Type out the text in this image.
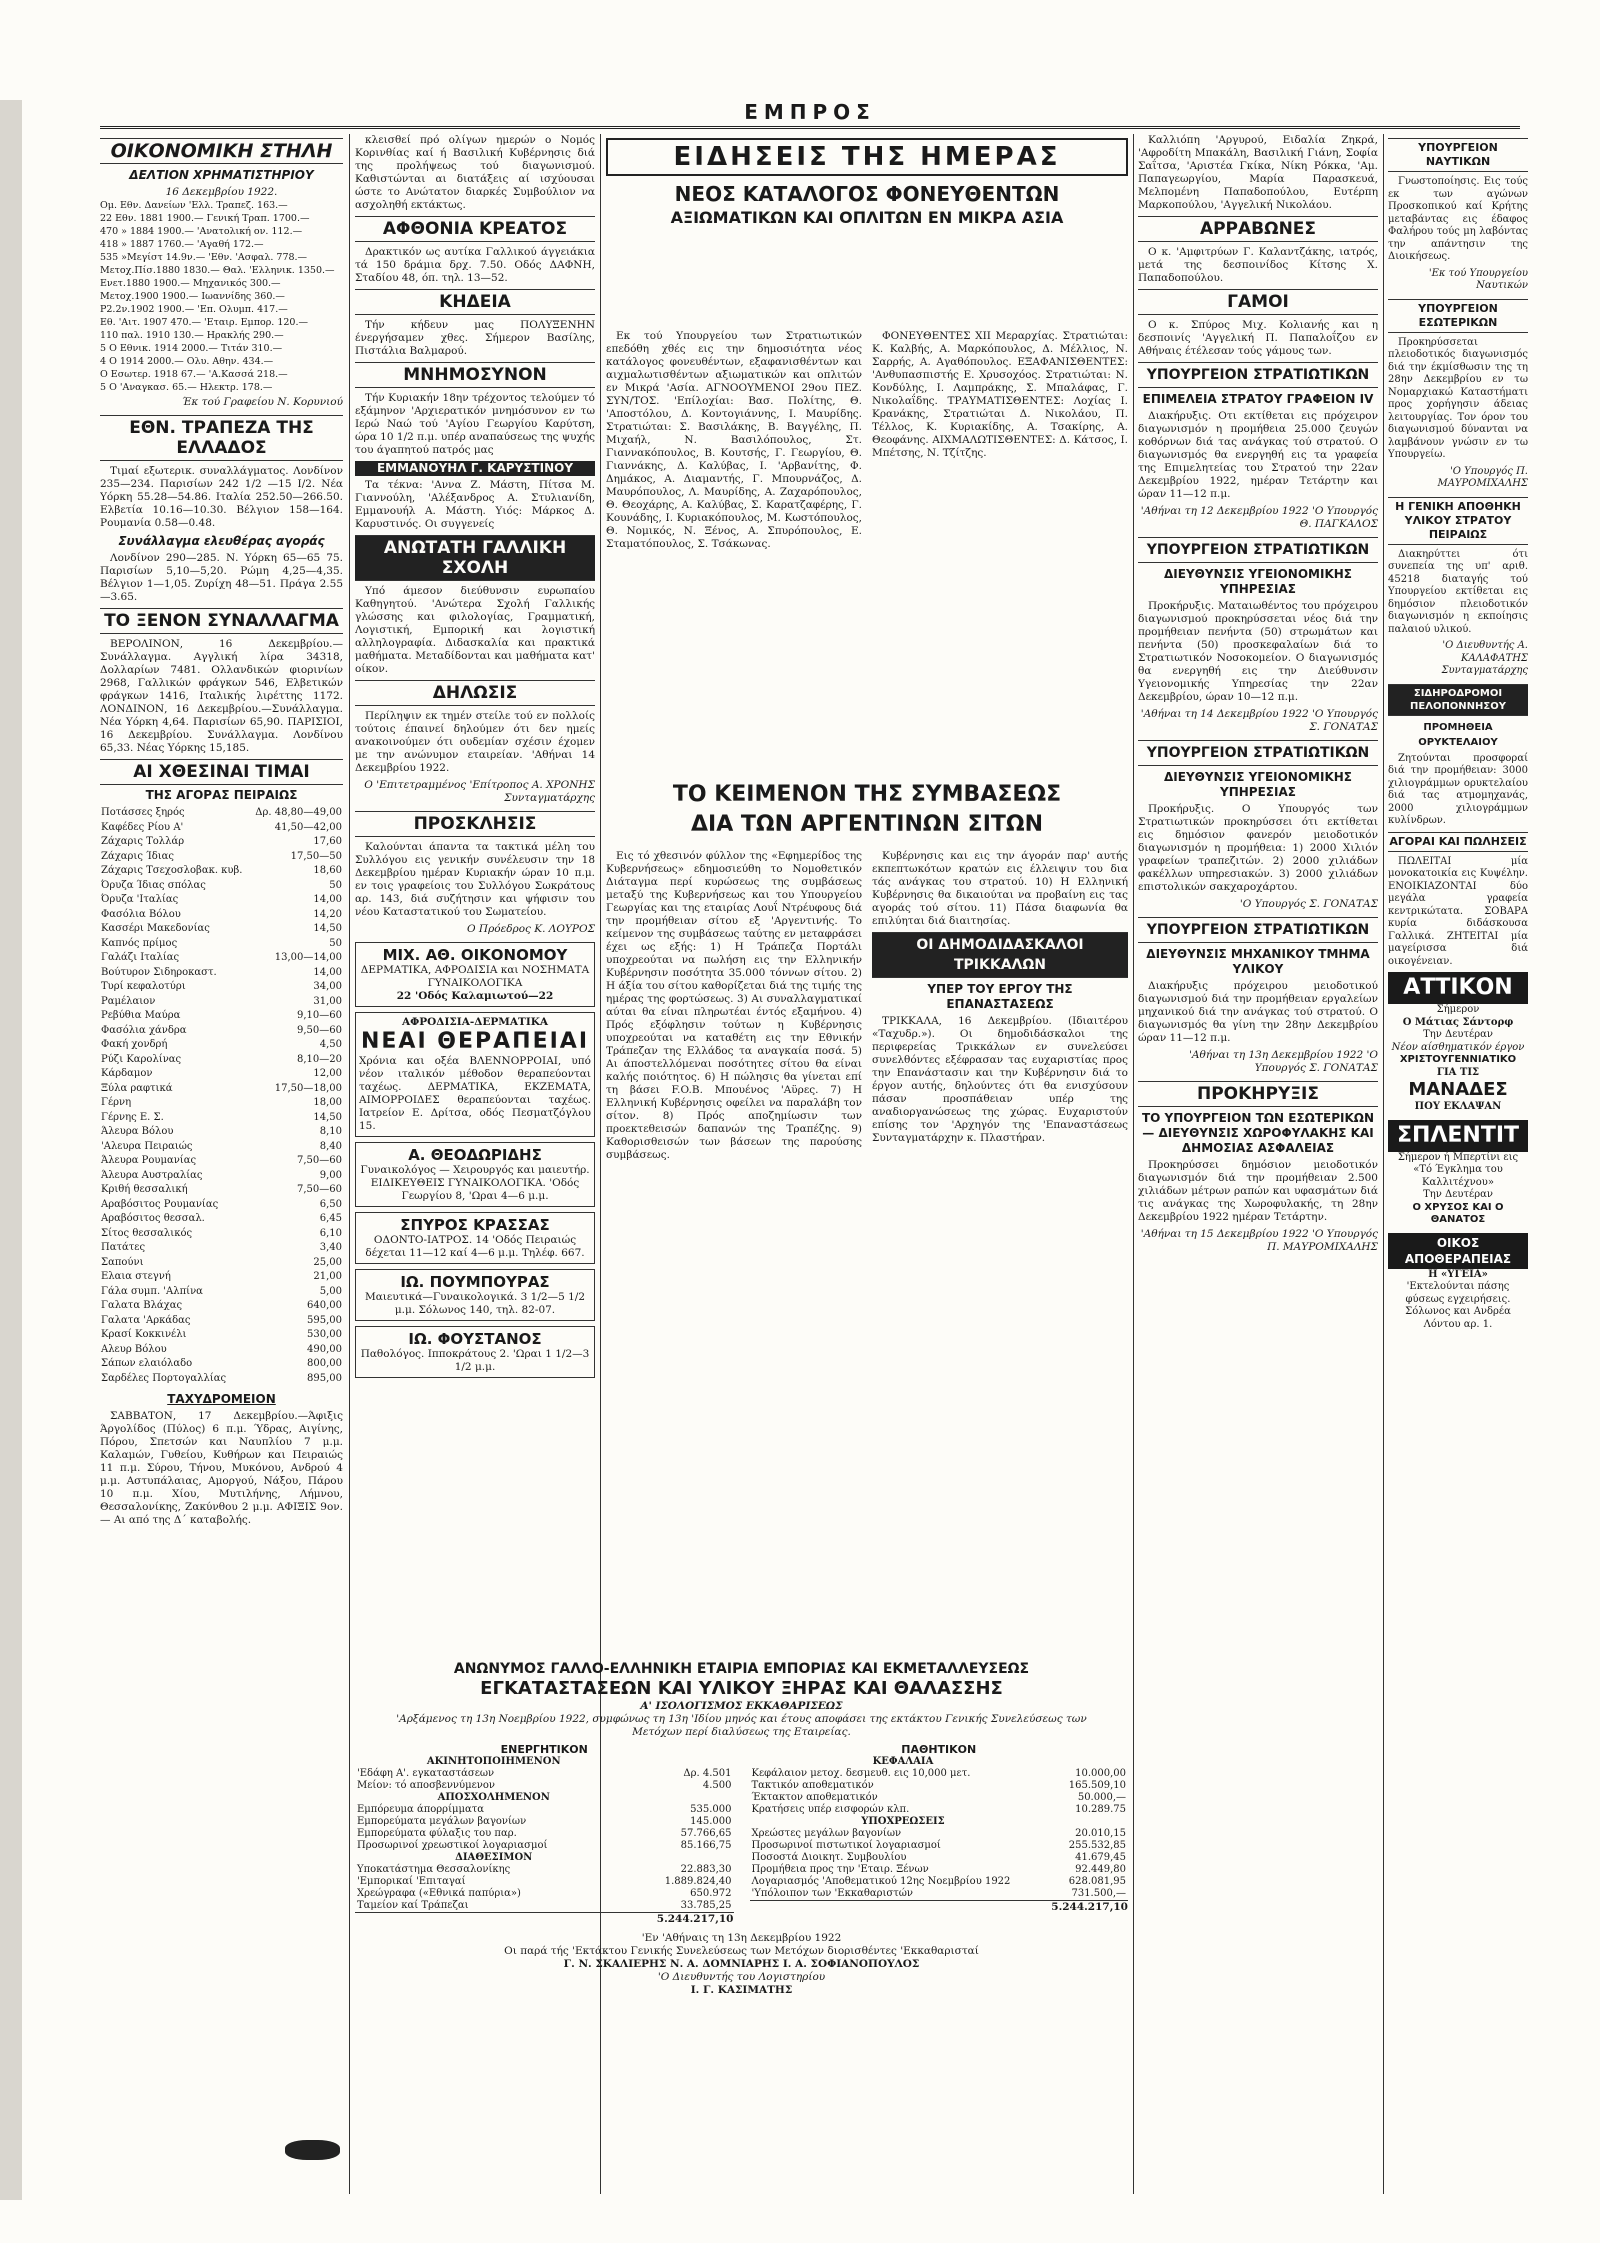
ΕΜΠΡΟΣ
ΟΙΚΟΝΟΜΙΚΗ ΣΤΗΛΗ
ΔΕΛΤΙΟΝ ΧΡΗΜΑΤΙΣΤΗΡΙΟΥ
16 Δεκεμβρίου 1922.
Ομ. Εθν. Δανείων 'Ελλ. Τραπεζ. 163.—
22 Εθν. 1881 1900.— Γενική Τραπ. 1700.—
470 » 1884 1900.— 'Ανατολική ον. 112.—
418 » 1887 1760.— 'Αγαθή 172.—
535 »Μεγίστ 14.9ν.— 'Εθν. 'Ασφαλ. 778.—
Μετοχ.Πίσ.1880 1830.— Θαλ. 'Ελληνικ. 1350.—
Ενετ.1880 1900.— Μηχανικός 300.—
Μετοχ.1900 1900.— Ιωαννίδης 360.—
Ρ2.2ν.1902 1900.— 'Επ. Ολυμπ. 417.—
Εθ. 'Αιτ. 1907 470.— 'Εταιρ. Εμπορ. 120.—
110 παλ. 1910 130.— Ηρακλής 290.—
5 Ο Εθνικ. 1914 2000.— Τιτάν 310.—
4 Ο 1914 2000.— Ολυ. Αθην. 434.—
Ο Εσωτερ. 1918 67.— 'Α.Κασσά 218.—
5 Ο 'Αναγκασ. 65.— Ηλεκτρ. 178.—
Έκ τού Γραφείου Ν. Κορυνιού
ΕΘΝ. ΤΡΑΠΕΖΑ ΤΗΣ ΕΛΛΑΔΟΣ

Τιμαί εξωτερικ. συναλλάγματος. Λονδίνον 235—234. Παρισίων 242 1/2 —15 Ι/2. Νέα Υόρκη 55.28—54.86. Ιταλία 252.50—266.50. Ελβετία 10.16—10.30. Βέλγιον 158—164. Ρουμανία 0.58—0.48.

Συνάλλαγμα ελευθέρας αγοράς

Λονδίνον 290—285. Ν. Υόρκη 65—65 75. Παρισίων 5,10—5,20. Ρώμη 4,25—4,35. Βέλγιον 1—1,05. Ζυρίχη 48—51. Πράγα 2.55—3.65.

ΤΟ ΞΕΝΟΝ ΣΥΝΑΛΛΑΓΜΑ

ΒΕΡΟΛΙΝΟΝ, 16 Δεκεμβρίου.—Συνάλλαγμα. Αγγλική λίρα 34318, Δολλαρίων 7481. Ολλανδικών φιορινίων 2968, Γαλλικών φράγκων 546, Ελβετικών φράγκων 1416, Ιταλικής λιρέττης 1172. ΛΟΝΔΙΝΟΝ, 16 Δεκεμβρίου.—Συνάλλαγμα. Νέα Υόρκη 4,64. Παρισίων 65,90. ΠΑΡΙΣΙΟΙ, 16 Δεκεμβρίου. Συνάλλαγμα. Λονδίνου 65,33. Νέας Υόρκης 15,185.

ΑΙ ΧΘΕΣΙΝΑΙ ΤΙΜΑΙ
ΤΗΣ ΑΓΟΡΑΣ ΠΕΙΡΑΙΩΣ
Ποτάσσες ξηρός	Δρ. 48,80—49,00
Καφέδες Ρίου Α'	41,50—42,00
Ζάχαρις Τολλάρ	17,60
Ζάχαρις Ίδιας	17,50—50
Ζάχαρις Τσεχοσλοβακ. κυβ.	18,60
Όρυζα Ίδιας σπόλας	50
Όρυζα 'Ιταλίας	14,00
Φασόλια Βόλου	14,20
Κασσέρι Μακεδονίας	14,50
Καπνός πρίμος	50
Γαλάζι Ιταλίας	13,00—14,00
Βούτυρον Σιδηροκαστ.	14,00
Τυρί κεφαλοτύρι	34,00
Ραμέλαιον	31,00
Ρεβύθια Μαύρα	9,10—60
Φασόλια χάνδρα	9,50—60
Φακή χονδρή	4,50
Ρύζι Καρολίνας	8,10—20
Κάρδαμον	12,00
Ξύλα ραφτικά	17,50—18,00
Γέρνη	18,00
Γέρνης Ε. Σ.	14,50
Άλευρα Βόλου	8,10
'Αλευρα Πειραιώς	8,40
Άλευρα Ρουμανίας	7,50—60
Άλευρα Αυστραλίας	9,00
Κριθή θεσσαλική	7,50—60
Αραβόσιτος Ρουμανίας	6,50
Αραβόσιτος θεσσαλ.	6,45
Σίτος θεσσαλικός	6,10
Πατάτες	3,40
Σαπούνι	25,00
Ελαια στεγνή	21,00
Γάλα συμπ. 'Αλπίνα	5,00
Γαλατα Βλάχας	640,00
Γαλατα 'Αρκάδας	595,00
Κρασί Κοκκινέλι	530,00
Αλευρ Βόλου	490,00
Σάπων ελαιόλαδο	800,00
Σαρδέλες Πορτογαλλίας	895,00
ΤΑΧΥΔΡΟΜΕΙΟΝ

ΣΑΒΒΑΤΟΝ, 17 Δεκεμβρίου.—Άφιξις Άργολίδος (Πύλος) 6 π.μ. Ύδρας, Αιγίνης, Πόρου, Σπετσών και Ναυπλίου 7 μ.μ. Καλαμών, Γυθείου, Κυθήρων και Πειραιώς 11 π.μ. Σύρου, Τήνου, Μυκόνου, Ανδρού 4 μ.μ. Αστυπάλαιας, Αμοργού, Νάξου, Πάρου 10 π.μ. Χίου, Μυτιλήνης, Λήμνου, Θεσσαλονίκης, Ζακύνθου 2 μ.μ. ΑΦΙΞΙΣ 9ον.— Αι από της Δ΄ καταβολής.

κλεισθεί πρό ολίγων ημερών ο Νομός Κορινθίας καί ή Βασιλική Κυβέρνησις διά της προλήψεως τού διαγωνισμού. Καθιστώνται αι διατάξεις αί ισχύουσαι ώστε το Ανώτατον διαρκές Συμβούλιον να ασχοληθή εκτάκτως.

ΑΦΘΟΝΙΑ ΚΡΕΑΤΟΣ

Δρακτικόν ως αυτίκα Γαλλικού άγγειάκια τά 150 δράμια δρχ. 7.50. Οδός ΔΑΦΝΗ, Σταδίου 48, όπ. τηλ. 13—52.

ΚΗΔΕΙΑ

Τήν κήδευν μας ΠΟΛΥΞΕΝΗΝ ένεργήσαμεν χθες. Σήμερον Βασίλης, Πιστάλια Βαλμαρού.

ΜΝΗΜΟΣΥΝΟΝ

Τήν Κυριακήν 18ην τρέχοντος τελούμεν τό εξάμηνον 'Αρχιερατικόν μνημόσυνον εν τω Ιερώ Ναώ τού 'Αγίου Γεωργίου Καρύτση, ώρα 10 1/2 π.μ. υπέρ αναπαύσεως της ψυχής του άγαπητού πατρός μας

ΕΜΜΑΝΟΥΗΛ Γ. ΚΑΡΥΣΤΙΝΟΥ

Τα τέκνα: 'Αννα Ζ. Μάστη, Πίτσα Μ. Γιαννούλη, 'Αλέξανδρος Α. Στυλιανίδη, Εμμανουήλ Α. Μάστη. Υιός: Μάρκος Δ. Καρυστινός. Οι συγγενείς

ΑΝΩΤΑΤΗ ΓΑΛΛΙΚΗ ΣΧΟΛΗ

Υπό άμεσον διεύθυνσιν ευρωπαίου Καθηγητού. 'Ανώτερα Σχολή Γαλλικής γλώσσης και φιλολογίας, Γραμματική, Λογιστική, Εμπορική και λογιστική αλληλογραφία. Διδασκαλία και πρακτικά μαθήματα. Μεταδίδονται και μαθήματα κατ' οίκον.

ΔΗΛΩΣΙΣ

Περίληψιν εκ τημέν στείλε τού εν πολλοίς τούτοις έπαινεί δηλούμεν ότι δεν ημείς ανακοινούμεν ότι ουδεμίαν σχέσιν έχομεν με την ανώνυμον εταιρείαν. 'Αθήναι 14 Δεκεμβρίου 1922.

Ο 'Επιτετραμμένος 'Επίτροπος Α. ΧΡΟΝΗΣ Συνταγματάρχης
ΠΡΟΣΚΛΗΣΙΣ

Καλούνται άπαντα τα τακτικά μέλη του Συλλόγου εις γενικήν συνέλευσιν την 18 Δεκεμβρίου ημέραν Κυριακήν ώραν 10 π.μ. εν τοις γραφείοις του Συλλόγου Σωκράτους αρ. 143, διά συζήτησιν και ψήφισιν του νέου Καταστατικού του Σωματείου.

Ο Πρόεδρος Κ. ΛΟΥΡΟΣ
ΜΙΧ. ΑΘ. ΟΙΚΟΝΟΜΟΥ
ΔΕΡΜΑΤΙΚΑ, ΑΦΡΟΔΙΣΙΑ και ΝΟΣΗΜΑΤΑ ΓΥΝΑΙΚΟΛΟΓΙΚΑ
22 'Οδός Καλαμιωτού—22
ΑΦΡΟΔΙΣΙΑ-ΔΕΡΜΑΤΙΚΑ
ΝΕΑΙ ΘΕΡΑΠΕΙΑΙ
Χρόνια και οξέα ΒΛΕΝΝΟΡΡΟΙΑΙ, υπό νέον ιταλικόν μέθοδον θεραπεύονται ταχέως. ΔΕΡΜΑΤΙΚΑ, ΕΚΖΕΜΑΤΑ, ΑΙΜΟΡΡΟΙΔΕΣ θεραπεύονται ταχέως. Ιατρείον Ε. Δρίτσα, οδός Πεσματζόγλου 15.
Α. ΘΕΟΔΩΡΙΔΗΣ
Γυναικολόγος — Χειρουργός και μαιευτήρ. ΕΙΔΙΚΕΥΘΕΙΣ ΓΥΝΑΙΚΟΛΟΓΙΚΑ. 'Οδός Γεωργίου 8, 'Ωραι 4—6 μ.μ.
ΣΠΥΡΟΣ ΚΡΑΣΣΑΣ
ΟΔΟΝΤΟ-ΙΑΤΡΟΣ. 14 'Οδός Πειραιώς δέχεται 11—12 καί 4—6 μ.μ. Τηλέφ. 667.
ΙΩ. ΠΟΥΜΠΟΥΡΑΣ
Μαιευτικά—Γυναικολογικά. 3 1/2—5 1/2 μ.μ. Σόλωνος 140, τηλ. 82-07.
ΙΩ. ΦΟΥΣΤΑΝΟΣ
Παθολόγος. Ιπποκράτους 2. 'Ωραι 1 1/2—3 1/2 μ.μ.
ΕΙΔΗΣΕΙΣ ΤΗΣ ΗΜΕΡΑΣ
ΝΕΟΣ ΚΑΤΑΛΟΓΟΣ ΦΟΝΕΥΘΕΝΤΩΝ
ΑΞΙΩΜΑΤΙΚΩΝ ΚΑΙ ΟΠΛΙΤΩΝ ΕΝ ΜΙΚΡΑ ΑΣΙΑ

Εκ τού Υπουργείου των Στρατιωτικών επεδόθη χθές εις την δημοσιότητα νέος κατάλογος φονευθέντων, εξαφανισθέντων και αιχμαλωτισθέντων αξιωματικών και οπλιτών εν Μικρά 'Ασία. ΑΓΝΟΟΥΜΕΝΟΙ 29ου ΠΕΖ. ΣΥΝ/ΤΟΣ. 'Επίλοχίαι: Βασ. Πολίτης, Θ. 'Αποστόλου, Δ. Κοντογιάννης, Ι. Μαυρίδης. Στρατιώται: Σ. Βασιλάκης, Β. Βαγγέλης, Π. Μιχαήλ, Ν. Βασιλόπουλος, Στ. Γιαννακόπουλος, Β. Κουτσής, Γ. Γεωργίου, Θ. Γιαννάκης, Δ. Καλύβας, Ι. 'Αρβανίτης, Φ. Δημάκος, Α. Διαμαντής, Γ. Μπουρνάζος, Δ. Μαυρόπουλος, Λ. Μαυρίδης, Α. Ζαχαρόπουλος, Θ. Θεοχάρης, Α. Καλύβας, Σ. Καρατζαφέρης, Γ. Κουνάδης, Ι. Κυριακόπουλος, Μ. Κωστόπουλος, Θ. Νομικός, Ν. Ξένος, Α. Σπυρόπουλος, Ε. Σταματόπουλος, Σ. Τσάκωνας.

ΦΟΝΕΥΘΕΝΤΕΣ XII Μεραρχίας. Στρατιώται: Κ. Καλβής, Α. Μαρκόπουλος, Δ. Μέλλιος, Ν. Σαρρής, Α. Αγαθόπουλος. ΕΞΑΦΑΝΙΣΘΕΝΤΕΣ: 'Ανθυπασπιστής Ε. Χρυσοχόος. Στρατιώται: Ν. Κονδύλης, Ι. Λαμπράκης, Σ. Μπαλάφας, Γ. Νικολαΐδης. ΤΡΑΥΜΑΤΙΣΘΕΝΤΕΣ: Λοχίας Ι. Κρανάκης, Στρατιώται Δ. Νικολάου, Π. Τέλλος, Κ. Κυριακίδης, Α. Τσακίρης, Α. Θεοφάνης. ΑΙΧΜΑΛΩΤΙΣΘΕΝΤΕΣ: Δ. Κάτσος, Ι. Μπέτσης, Ν. Τζίτζης.

ΤΟ ΚΕΙΜΕΝΟΝ ΤΗΣ ΣΥΜΒΑΣΕΩΣ
ΔΙΑ ΤΩΝ ΑΡΓΕΝΤΙΝΩΝ ΣΙΤΩΝ

Εις τό χθεσινόν φύλλον της «Εφημερίδος της Κυβερνήσεως» εδημοσιεύθη το Νομοθετικόν Διάταγμα περί κυρώσεως της συμβάσεως μεταξύ της Κυβερνήσεως και του Υπουργείου Γεωργίας και της εταιρίας Λουΐ Ντρέυφους διά την προμήθειαν σίτου εξ 'Αργεντινής. Το κείμενον της συμβάσεως ταύτης εν μεταφράσει έχει ως εξής: 1) Η Τράπεζα Πορτάλι υποχρεούται να πωλήση εις την Ελληνικήν Κυβέρνησιν ποσότητα 35.000 τόννων σίτου. 2) Η άξία του σίτου καθορίζεται διά της τιμής της ημέρας της φορτώσεως. 3) Αι συναλλαγματικαί αύται θα είναι πληρωτέαι έντός εξαμήνου. 4) Πρός εξόφλησιν τούτων η Κυβέρνησις υποχρεούται να καταθέτη εις την Εθνικήν Τράπεζαν της Ελλάδος τα αναγκαία ποσά. 5) Αι άποστελλόμεναι ποσότητες σίτου θα είναι καλής ποιότητος. 6) Η πώλησις θα γίνεται επί τη βάσει F.O.B. Μπουένος 'Αϋρες. 7) Η Ελληνική Κυβέρνησις οφείλει να παραλάβη τον σίτον. 8) Πρός αποζημίωσιν των προεκτεθεισών δαπανών της Τραπέζης. 9) Καθορισθεισών των βάσεων της παρούσης συμβάσεως.

Κυβέρνησις και εις την άγοράν παρ' αυτής εκπεπτωκότων κρατών εις έλλειψιν του δια τάς ανάγκας του στρατού. 10) Η Ελληνική Κυβέρνησις θα δικαιούται να προβαίνη εις τας αγοράς τού σίτου. 11) Πάσα διαφωνία θα επιλύηται διά διαιτησίας.

ΟΙ ΔΗΜΟΔΙΔΑΣΚΑΛΟΙ ΤΡΙΚΚΑΛΩΝ
ΥΠΕΡ ΤΟΥ ΕΡΓΟΥ ΤΗΣ ΕΠΑΝΑΣΤΑΣΕΩΣ

ΤΡΙΚΚΑΛΑ, 16 Δεκεμβρίου. (Ιδιαιτέρου «Ταχυδρ.»). Οι δημοδιδάσκαλοι της περιφερείας Τρικκάλων εν συνελεύσει συνελθόντες εξέφρασαν τας ευχαριστίας προς την Επανάστασιν και την Κυβέρνησιν διά το έργον αυτής, δηλούντες ότι θα ενισχύσουν πάσαν προσπάθειαν υπέρ της αναδιοργανώσεως της χώρας. Ευχαριστούν επίσης τον 'Αρχηγόν της 'Επαναστάσεως Συνταγματάρχην κ. Πλαστήραν.

ΑΝΩΝΥΜΟΣ ΓΑΛΛΟ-ΕΛΛΗΝΙΚΗ ΕΤΑΙΡΙΑ ΕΜΠΟΡΙΑΣ ΚΑΙ ΕΚΜΕΤΑΛΛΕΥΣΕΩΣ
ΕΓΚΑΤΑΣΤΑΣΕΩΝ ΚΑΙ ΥΛΙΚΟΥ ΞΗΡΑΣ ΚΑΙ ΘΑΛΑΣΣΗΣ
Α' ΙΣΟΛΟΓΙΣΜΟΣ ΕΚΚΑΘΑΡΙΣΕΩΣ
'Αρξάμενος τη 13η Νοεμβρίου 1922, συμφώνως τη 13η 'Ιδίου μηνός και έτους αποφάσει της εκτάκτου Γενικής Συνελεύσεως των Μετόχων περί διαλύσεως της Εταιρείας.
ΕΝΕΡΓΗΤΙΚΟΝ
ΑΚΙΝΗΤΟΠΟΙΗΜΕΝΟΝ	
'Εδάφη Α'. εγκαταστάσεων	Δρ. 4.501
Μείον: τό αποσβεννύμενον	4.500
ΑΠΟΣΧΟΛΗΜΕΝΟΝ	
Εμπόρευμα άπορρίμματα	535.000
Εμπορεύματα μεγάλων βαγονίων	145.000
Εμπορεύματα φύλαξις του παρ.	57.766,65
Προσωρινοί χρεωστικοί λογαριασμοί	85.166,75
ΔΙΑΘΕΣΙΜΟΝ	
Υποκατάστημα Θεσσαλονίκης	22.883,30
'Εμπορικαί 'Επιταγαί	1.889.824,40
Χρεώγραφα («Εθνικά παπύρια»)	650.972
Ταμείον καί Τράπεζαι	33.785,25
5.244.217,10
ΠΑΘΗΤΙΚΟΝ
ΚΕΦΑΛΑΙΑ	
Κεφάλαιον μετοχ. δεσμευθ. εις 10,000 μετ.	10.000,00
Τακτικόν αποθεματικόν	165.509,10
Έκτακτον αποθεματικόν	50.000,—
Κρατήσεις υπέρ εισφορών κλπ.	10.289.75
ΥΠΟΧΡΕΩΣΕΙΣ	
Χρεώστες μεγάλων βαγονίων	20.010,15
Προσωρινοί πιστωτικοί λογαριασμοί	255.532,85
Ποσοστά Διοικητ. Συμβουλίου	41.679,45
Προμήθεια προς την 'Εταιρ. Ξένων	92.449,80
Λογαριασμός 'Αποθεματικού 12ης Νοεμβρίου 1922	628.081,95
'Υπόλοιπον των 'Εκκαθαριστών	731.500,—
5.244.217,10
'Εν 'Αθήναις τη 13η Δεκεμβρίου 1922
Οι παρά τής 'Εκτάκτου Γενικής Συνελεύσεως των Μετόχων διορισθέντες 'Εκκαθαρισταί
Γ. Ν. ΣΚΑΛΙΕΡΗΣ Ν. Α. ΔΟΜΝΙΑΡΗΣ Ι. Α. ΣΟΦΙΑΝΟΠΟΥΛΟΣ
'Ο Διευθυντής του Λογιστηρίου
Ι. Γ. ΚΑΣΙΜΑΤΗΣ

Καλλιόπη 'Αργυρού, Ειδαλία Ζηκρά, 'Αφροδίτη Μπακάλη, Βασιλική Γιάνη, Σοφία Σαΐτσα, 'Αριστέα Γκίκα, Νίκη Ρόκκα, 'Αμ. Παπαγεωργίου, Μαρία Παρασκευά, Μελπομένη Παπαδοπούλου, Ευτέρπη Μαρκοπούλου, 'Αγγελική Νικολάου.

ΑΡΡΑΒΩΝΕΣ

Ο κ. 'Αμφιτρύων Γ. Καλαντζάκης, ιατρός, μετά της δεσποινίδος Κίτσης Χ. Παπαδοπούλου.

ΓΑΜΟΙ

Ο κ. Σπύρος Μιχ. Κολιανής και η δεσποινίς 'Αγγελική Π. Παπαλοΐζου εν Αθήναις έτέλεσαν τούς γάμους των.

ΥΠΟΥΡΓΕΙΟΝ ΣΤΡΑΤΙΩΤΙΚΩΝ
ΕΠΙΜΕΛΕΙΑ ΣΤΡΑΤΟΥ ΓΡΑΦΕΙΟΝ IV

Διακήρυξις. Οτι εκτίθεται εις πρόχειρον διαγωνισμόν η προμήθεια 25.000 ζευγών κοθόρνων διά τας ανάγκας τού στρατού. Ο διαγωνισμός θα ενεργηθή εις τα γραφεία της Επιμελητείας του Στρατού την 22αν Δεκεμβρίου 1922, ημέραν Τετάρτην και ώραν 11—12 π.μ.

'Αθήναι τη 12 Δεκεμβρίου 1922 'Ο Υπουργός Θ. ΠΑΓΚΑΛΟΣ
ΥΠΟΥΡΓΕΙΟΝ ΣΤΡΑΤΙΩΤΙΚΩΝ
ΔΙΕΥΘΥΝΣΙΣ ΥΓΕΙΟΝΟΜΙΚΗΣ ΥΠΗΡΕΣΙΑΣ

Προκήρυξις. Ματαιωθέντος του πρόχειρου διαγωνισμού προκηρύσσεται νέος διά την προμήθειαν πενήντα (50) στρωμάτων και πενήντα (50) προσκεφαλαίων διά το Στρατιωτικόν Νοσοκομείον. Ο διαγωνισμός θα ενεργηθή εις την Διεύθυνσιν Υγειονομικής Υπηρεσίας την 22αν Δεκεμβρίου, ώραν 10—12 π.μ.

'Αθήναι τη 14 Δεκεμβρίου 1922 'Ο Υπουργός Σ. ΓΟΝΑΤΑΣ
ΥΠΟΥΡΓΕΙΟΝ ΣΤΡΑΤΙΩΤΙΚΩΝ
ΔΙΕΥΘΥΝΣΙΣ ΥΓΕΙΟΝΟΜΙΚΗΣ ΥΠΗΡΕΣΙΑΣ

Προκήρυξις. Ο Υπουργός των Στρατιωτικών προκηρύσσει ότι εκτίθεται εις δημόσιον φανερόν μειοδοτικόν διαγωνισμόν η προμήθεια: 1) 2000 Χιλιόν γραφείων τραπεζιτών. 2) 2000 χιλιάδων φακέλλων υπηρεσιακών. 3) 2000 χιλιάδων επιστολικών σακχαροχάρτου.

'Ο Υπουργός Σ. ΓΟΝΑΤΑΣ
ΥΠΟΥΡΓΕΙΟΝ ΣΤΡΑΤΙΩΤΙΚΩΝ
ΔΙΕΥΘΥΝΣΙΣ ΜΗΧΑΝΙΚΟΥ ΤΜΗΜΑ ΥΛΙΚΟΥ

Διακήρυξις πρόχειρου μειοδοτικού διαγωνισμού διά την προμήθειαν εργαλείων μηχανικού διά την ανάγκας τού στρατού. Ο διαγωνισμός θα γίνη την 28ην Δεκεμβρίου ώραν 11—12 π.μ.

'Αθήναι τη 13η Δεκεμβρίου 1922 'Ο Υπουργός Σ. ΓΟΝΑΤΑΣ
ΠΡΟΚΗΡΥΞΙΣ
ΤΟ ΥΠΟΥΡΓΕΙΟΝ ΤΩΝ ΕΣΩΤΕΡΙΚΩΝ — ΔΙΕΥΘΥΝΣΙΣ ΧΩΡΟΦΥΛΑΚΗΣ ΚΑΙ ΔΗΜΟΣΙΑΣ ΑΣΦΑΛΕΙΑΣ

Προκηρύσσει δημόσιον μειοδοτικόν διαγωνισμόν διά την προμήθειαν 2.500 χιλιάδων μέτρων ραπών και υφασμάτων διά τις ανάγκας της Χωροφυλακής, τη 28ην Δεκεμβρίου 1922 ημέραν Τετάρτην.

'Αθήναι τη 15 Δεκεμβρίου 1922 'Ο Υπουργός Π. ΜΑΥΡΟΜΙΧΑΛΗΣ
ΥΠΟΥΡΓΕΙΟΝ ΝΑΥΤΙΚΩΝ

Γνωστοποίησις. Εις τούς εκ των αγώνων Προσκοπικού καί Κρήτης μεταβάντας εις έδαφος Φαλήρου τούς μη λαβόντας την απάντησιν της Διοικήσεως.

'Εκ τού Υπουργείου Ναυτικών
ΥΠΟΥΡΓΕΙΟΝ ΕΣΩΤΕΡΙΚΩΝ

Προκηρύσσεται πλειοδοτικός διαγωνισμός διά την έκμίσθωσιν της τη 28ην Δεκεμβρίου εν τω Νομαρχιακώ Καταστήματι προς χορήγησιν άδειας λειτουργίας. Τον όρον του διαγωνισμού δύνανται να λαμβάνουν γνώσιν εν τω Υπουργείω.

'Ο Υπουργός Π. ΜΑΥΡΟΜΙΧΑΛΗΣ
Η ΓΕΝΙΚΗ ΑΠΟΘΗΚΗ ΥΛΙΚΟΥ ΣΤΡΑΤΟΥ ΠΕΙΡΑΙΩΣ

Διακηρύττει ότι συνεπεία της υπ' αριθ. 45218 διαταγής τού Υπουργείου εκτίθεται εις δημόσιον πλειοδοτικόν διαγωνισμόν η εκποίησις παλαιού υλικού.

'Ο Διευθυντής Α. ΚΑΛΑΦΑΤΗΣ Συνταγματάρχης
ΣΙΔΗΡΟΔΡΟΜΟΙ ΠΕΛΟΠΟΝΝΗΣΟΥ
ΠΡΟΜΗΘΕΙΑ ΟΡΥΚΤΕΛΑΙΟΥ

Ζητούνται προσφοραί διά την προμήθειαν: 3000 χιλιογράμμων ορυκτελαίου διά τας ατμομηχανάς, 2000 χιλιογράμμων κυλίνδρων.

ΑΓΟΡΑΙ ΚΑΙ ΠΩΛΗΣΕΙΣ

ΠΩΛΕΙΤΑΙ μία μονοκατοικία εις Κυψέλην. ΕΝΟΙΚΙΑΖΟΝΤΑΙ δύο μεγάλα γραφεία κεντρικώτατα. ΣΟΒΑΡΑ κυρία διδάσκουσα Γαλλικά. ΖΗΤΕΙΤΑΙ μία μαγείρισσα διά οικογένειαν.

ΑΤΤΙΚΟΝ
Σήμερον
Ο Μάτιας Σάντορφ
Την Δευτέραν
Νέον αίσθηματικόν έργον
ΧΡΙΣΤΟΥΓΕΝΝΙΑΤΙΚΟ
ΓΙΑ ΤΙΣ
ΜΑΝΑΔΕΣ
ΠΟΥ ΕΚΛΑΨΑΝ
ΣΠΛΕΝΤΙΤ
Σήμερον ή Μπερτίνι εις «Τό Έγκλημα του Καλλιτέχνου»
Την Δευτέραν
Ο ΧΡΥΣΟΣ ΚΑΙ Ο ΘΑΝΑΤΟΣ
ΟΙΚΟΣ ΑΠΟΘΕΡΑΠΕΙΑΣ
Η «ΥΓΕΙΑ»
'Εκτελούνται πάσης φύσεως εγχειρήσεις. Σόλωνος και Ανδρέα Λόντου αρ. 1.
